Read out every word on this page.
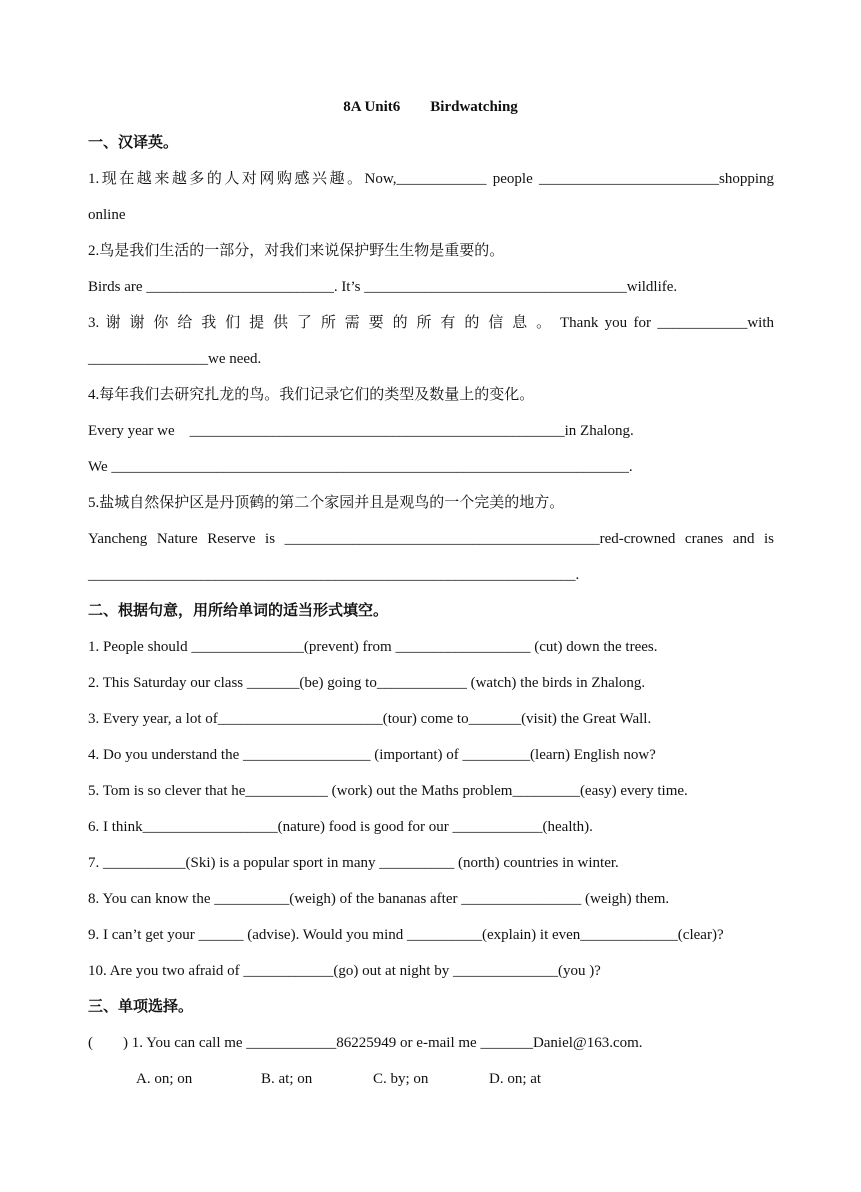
8A Unit6        Birdwatching
一、汉译英。
1.现在越来越多的人对网购感兴趣。Now,____________ people ________________________shopping
online
2.鸟是我们生活的一部分，对我们来说保护野生生物是重要的。
Birds are _________________________. It’s ___________________________________wildlife.
3. 谢 谢 你 给 我 们 提 供 了 所 需 要 的 所 有 的 信 息 。 Thank you for ____________with
________________we need.
4.每年我们去研究扎龙的鸟。我们记录它们的类型及数量上的变化。
Every year we    __________________________________________________in Zhalong.
We _____________________________________________________________________.
5.盐城自然保护区是丹顶鹤的第二个家园并且是观鸟的一个完美的地方。
Yancheng Nature Reserve is __________________________________________red-crowned cranes and is
_________________________________________________________________.
二、根据句意，用所给单词的适当形式填空。
1. People should _______________(prevent) from __________________ (cut) down the trees.
2. This Saturday our class _______(be) going to____________ (watch) the birds in Zhalong.
3. Every year, a lot of______________________(tour) come to_______(visit) the Great Wall.
4. Do you understand the _________________ (important) of _________(learn) English now?
5. Tom is so clever that he___________ (work) out the Maths problem_________(easy) every time.
6. I think__________________(nature) food is good for our ____________(health).
7. ___________(Ski) is a popular sport in many __________ (north) countries in winter.
8. You can know the __________(weigh) of the bananas after ________________ (weigh) them.
9. I can’t get your ______ (advise). Would you mind __________(explain) it even_____________(clear)?
10. Are you two afraid of ____________(go) out at night by ______________(you )?
三、单项选择。
(        ) 1. You can call me ____________86225949 or e-mail me _______Daniel@163.com.
A. on; on	B. at; on	C. by; on	D. on; at
